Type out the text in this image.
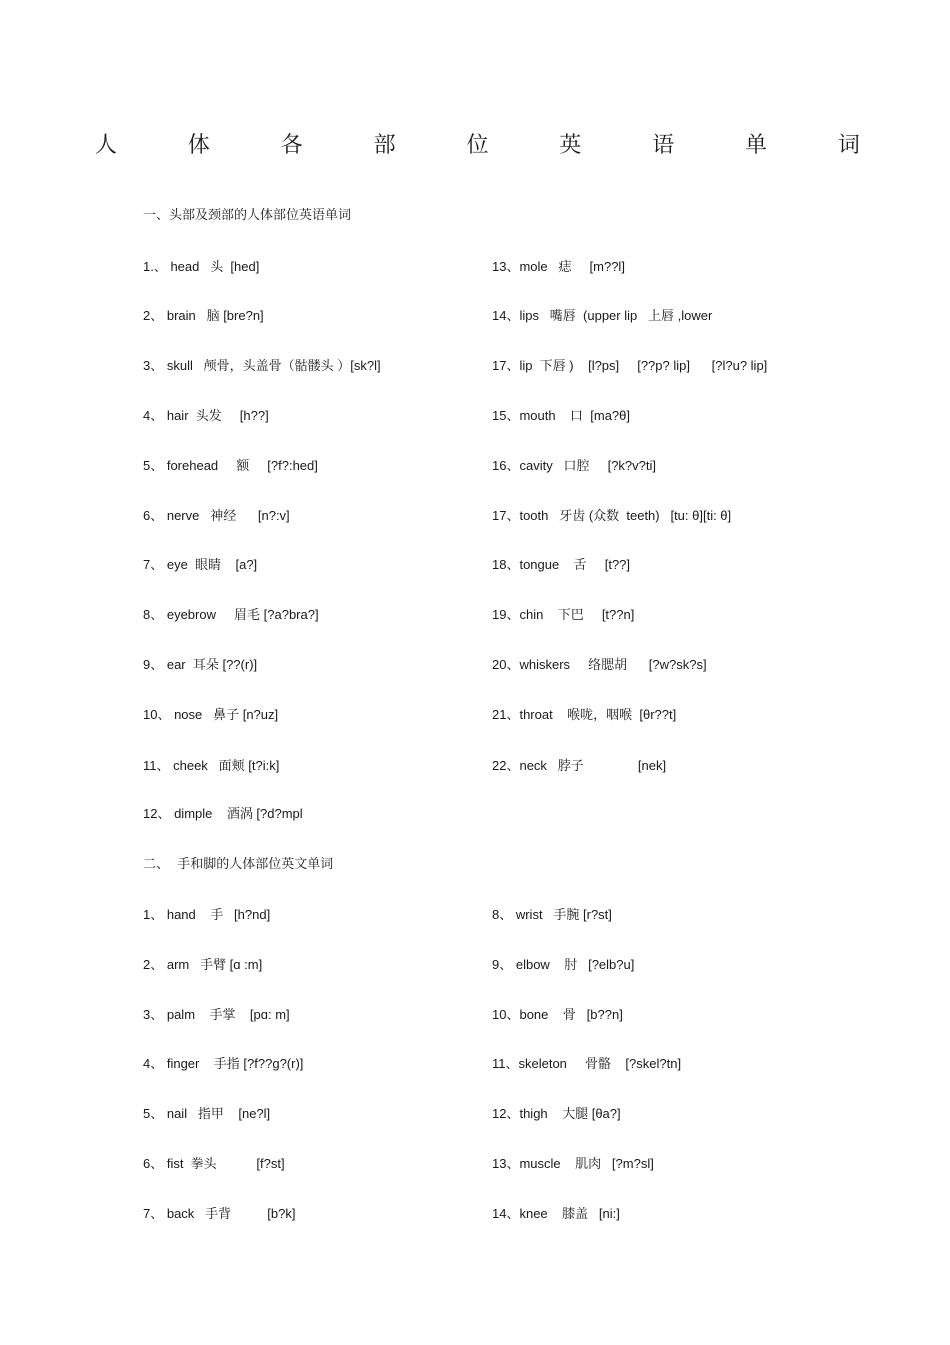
人	体	各	部	位	英	语	单	词
一、头部及颈部的人体部位英语单词
1.、 head   头  [hed]
2、 brain   脑 [bre?n]
3、 skull   颅骨，头盖骨（骷髅头 ）[sk?l]
4、 hair  头发     [h??]
5、 forehead     额     [?f?:hed]
6、 nerve   神经      [n?:v]
7、 eye  眼睛    [a?]
8、 eyebrow     眉毛 [?a?bra?]
9、 ear  耳朵 [??(r)]
10、 nose   鼻子 [n?uz]
11、 cheek   面颊 [t?i:k]
12、 dimple    酒涡 [?d?mpl
13、mole   痣     [m??l]
14、lips   嘴唇  (upper lip   上唇 ,lower
17、lip  下唇 )    [l?ps]     [??p? lip]      [?l?u? lip]
15、mouth    口  [ma?θ]
16、cavity   口腔     [?k?v?ti]
17、tooth   牙齿 (众数  teeth)   [tu: θ][ti: θ]
18、tongue    舌     [t??]
19、chin    下巴     [t??n]
20、whiskers     络腮胡      [?w?sk?s]
21、throat    喉咙，咽喉  [θr??t]
22、neck   脖子               [nek]
二、  手和脚的人体部位英文单词
1、 hand    手   [h?nd]
2、 arm   手臂 [ɑ :m]
3、 palm    手掌    [pɑ: m]
4、 finger    手指 [?f??g?(r)]
5、 nail   指甲    [ne?l]
6、 fist  拳头           [f?st]
7、 back   手背          [b?k]
8、 wrist   手腕 [r?st]
9、 elbow    肘   [?elb?u]
10、bone    骨   [b??n]
11、skeleton     骨骼    [?skel?tn]
12、thigh    大腿 [θa?]
13、muscle    肌肉   [?m?sl]
14、knee    膝盖   [ni:]
